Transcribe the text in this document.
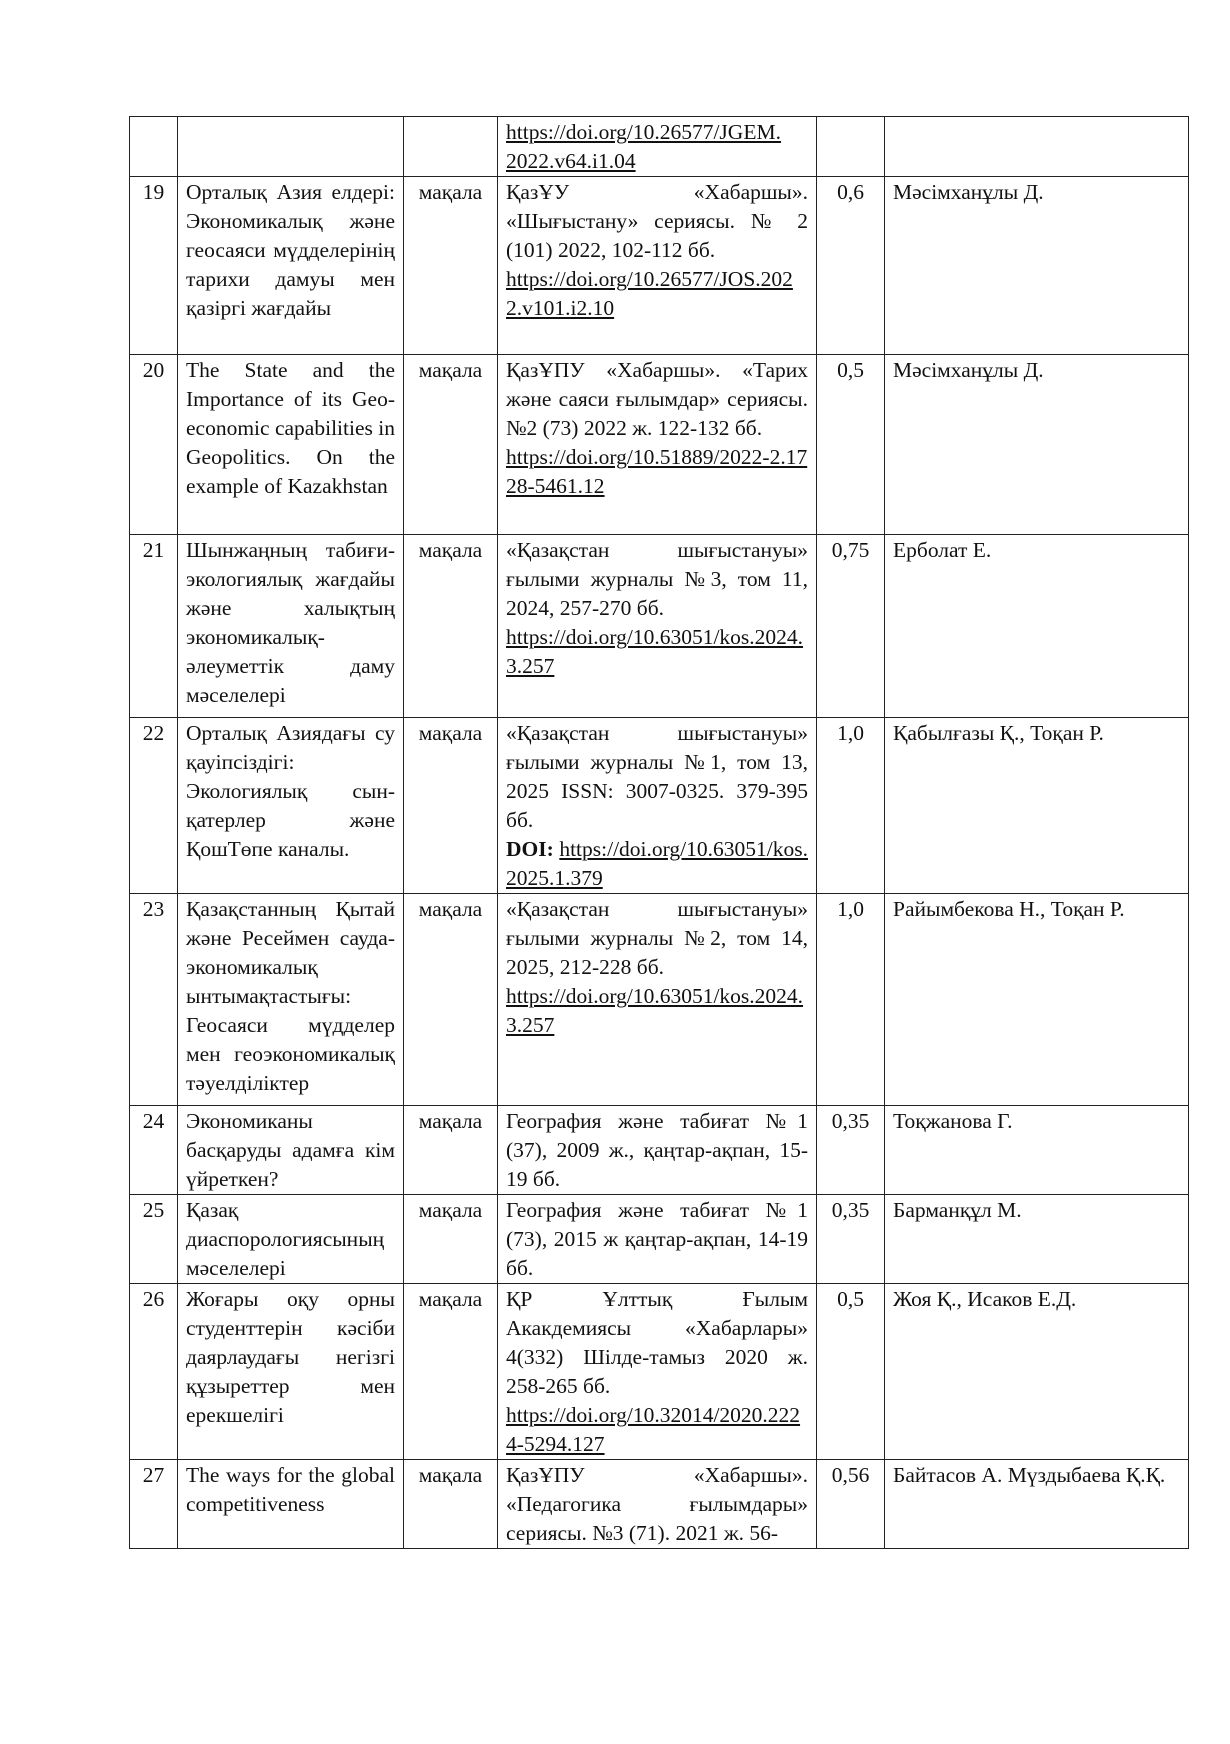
			https://doi.org/10.26577/JGEM.
2022.v64.i1.04		

19	Орталық Азия елдері: Экономикалық және геосаяси мүдделерінің тарихи дамуы мен қазіргі жағдайы	мақала	ҚазҰУ «Хабаршы». «Шығыстану» сериясы. № 2 (101) 2022, 102-112 бб.
https://doi.org/10.26577/JOS.2022.v101.i2.10	0,6	Мәсімханұлы Д.
20	The State and the Importance of its Geo-economic capabilities in Geopolitics. On the example of Kazakhstan	мақала	ҚазҰПУ «Хабаршы». «Тарих және саяси ғылымдар» сериясы. №2 (73) 2022 ж. 122-132 бб.
https://doi.org/10.51889/2022-2.1728-5461.12	0,5	Мәсімханұлы Д.
21	Шынжаңның табиғи-экологиялық жағдайы және халықтың экономикалық-әлеуметтік даму мәселелері	мақала	«Қазақстан шығыстануы» ғылыми журналы №3, том 11, 2024, 257-270 бб.
https://doi.org/10.63051/kos.2024.3.257	0,75	Ерболат Е.
22	Орталық Азиядағы су қауіпсіздігі: Экологиялық сын-қатерлер және ҚошТөпе каналы.	мақала	«Қазақстан шығыстануы» ғылыми журналы №1, том 13, 2025 ISSN: 3007-0325. 379-395 бб.
DOI: https://doi.org/10.63051/kos.2025.1.379	1,0	Қабылғазы Қ., Тоқан Р.
23	Қазақстанның Қытай және Ресеймен сауда-экономикалық ынтымақтастығы: Геосаяси мүдделер мен геоэкономикалық тәуелділіктер	мақала	«Қазақстан шығыстануы» ғылыми журналы №2, том 14, 2025, 212-228 бб.
https://doi.org/10.63051/kos.2024.3.257	1,0	Райымбекова Н., Тоқан Р.
24	Экономиканы басқаруды адамға кім үйреткен?	мақала	География және табиғат №1 (37), 2009 ж., қаңтар-ақпан, 15-19 бб.	0,35	Тоқжанова Г.
25	Қазақ диаспорологиясының мәселелері	мақала	География және табиғат №1 (73), 2015 ж қаңтар-ақпан, 14-19 бб.	0,35	Барманқұл М.
26	Жоғары оқу орны студенттерін кәсіби даярлаудағы негізгі құзыреттер мен ерекшелігі	мақала	ҚР Ұлттық Ғылым Акакдемиясы «Хабарлары» 4(332) Шілде-тамыз 2020 ж. 258-265 бб.
https://doi.org/10.32014/2020.2224-5294.127	0,5	Жоя Қ., Исаков Е.Д.
27	The ways for the global competitiveness	мақала	ҚазҰПУ «Хабаршы». «Педагогика ғылымдары» сериясы. №3 (71). 2021 ж. 56-	0,56	Байтасов А. Мүздыбаева Қ.Қ.
